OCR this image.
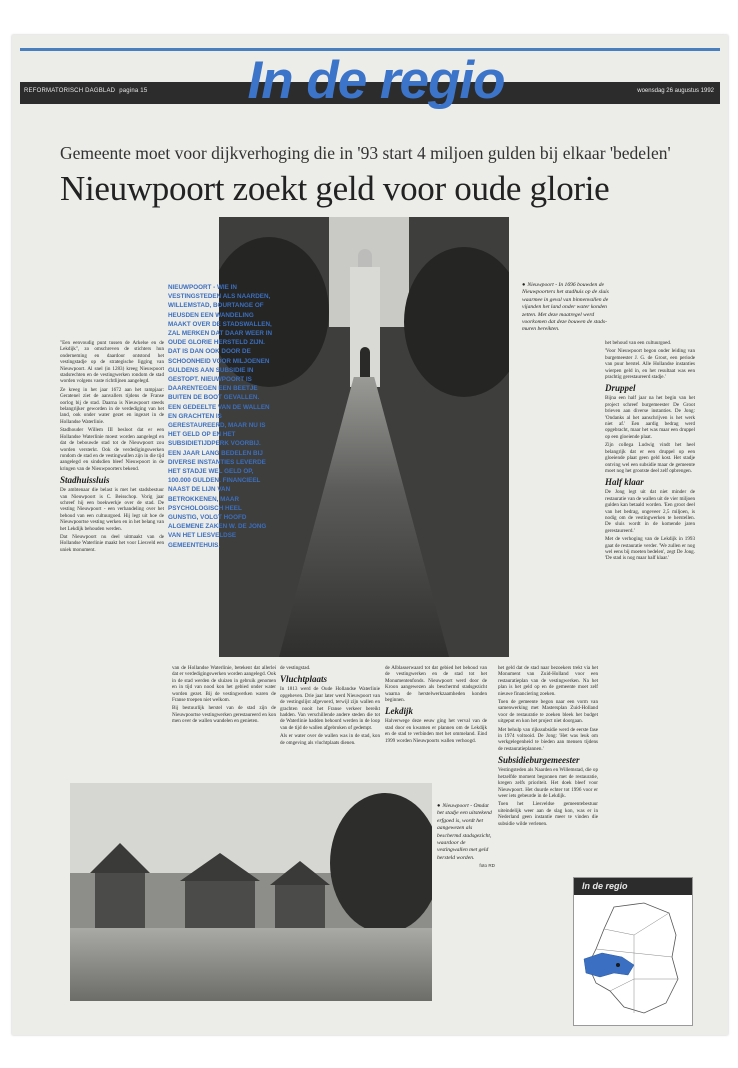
REFORMATORISCH DAGBLAD pagina 15	woensdag 26 augustus 1992
In de regio
Gemeente moet voor dijkverhoging die in '93 start 4 miljoen gulden bij elkaar 'bedelen'
Nieuwpoort zoekt geld voor oude glorie
NIEUWPOORT - WIE IN VESTINGSTEDEN ALS NAARDEN, WILLEMSTAD, BOURTANGE OF HEUSDEN EEN WANDELING MAAKT OVER DE STADSWALLEN, ZAL MERKEN DAT DAAR WEER IN OUDE GLORIE HERSTELD ZIJN. DAT IS DAN OOK DOOR DE SCHOONHEID VOOR MILJOENEN GULDENS AAN SUBSIDIE IN GESTOPT. NIEUWPOORT IS DAARENTEGEN EEN BEETJE BUITEN DE BOOT GEVALLEN. EEN GEDEELTE VAN DE WALLEN EN GRACHTEN IS GERESTAUREERD, MAAR NU IS HET GELD OP EN HET SUBSIDIETIJDPERK VOORBIJ. EEN JAAR LANG BEDELEN BIJ DIVERSE INSTANTIES LEVERDE HET STADJE WEL GELD OP, 100.000 GULDEN. FINANCIEEL NAAST DE LIJN VAN BETROKKENEN, MAAR PSYCHOLOGISCH HEEL GUNSTIG, VOLGT HOOFD ALGEMENE ZAKEN W. DE JONG VAN HET LIESVELDSE GEMEENTEHUIS.
● Nieuwpoort - In 1696 bouwden de Nieuwpoorters het stadhuis op de sluis waarmee in geval van binnenvallen de vijanden het land onder water konden zetten. Met deze maatregel werd voorkomen dat deze bouwen de stads- muren bereikten.

"Een eenvoudig punt tussen de Arkelse en de Lekdijk", zo omschreven de stichters hun onderneming en daardoor ontstond het vestingstadje op de strategische ligging van Nieuwpoort. Al snel (in 1283) kreeg Nieuwpoort stadsrechten en de vestingwerken rondom de stad worden volgens vaste richtlijnen aangelegd.

Ze kreeg in het jaar 1672 aan het rampjaar: Geratenel ziet de aanvallers tijdens de Franse oorlog bij de stad. Daarna is Nieuwpoort steeds belangrijker geworden in de verdediging van het land, ook onder water gezet en ingezet in de Hollandse Waterlinie.

Stadhouder Willem III besloot dat er een Hollandse Waterlinie moest worden aangelegd en dat de bebouwde stad tot de Nieuwpoort zou worden versterkt. Ook de verdedigingswerken rondom de stad en de vestingwallen zijn in die tijd aangelegd en sindsdien bleef Nieuwpoort in de kringen van de Nieuwpoorters bekend.

Stadhuissluis

De ambtenaar die belast is met het stadsbestuur van Nieuwpoort is C. Beisschop. Vorig jaar schreef hij een boekwerkje over de stad. De vesting Nieuwpoort - een verhandeling over het behoud van een cultuurgoed. Hij legt uit hoe de Nieuwpoortse vesting werken en in het belang van het Lekdijk behouden werden.

Dat Nieuwpoort nu deel uitmaakt van de Hollandse Waterlinie maakt het voor Liesveld een uniek monument.

van de Hollandse Waterlinie, betekent dat allerlei dat er verdedigingswerken worden aangelegd. Ook in de stad werden de sluizen in gebruik genomen en in tijd van nood kon het gebied onder water worden gezet. Bij de vestingwerken waren de Franse troepen niet welkom.

Bij bestuurlijk herstel van de stad zijn de Nieuwpoortse vestingwerken gerestaureerd en kon men over de wallen wandelen en genieten.

de vestingstad.

Vluchtplaats

In 1813 werd de Oude Hollandse Waterlinie opgeheven. Drie jaar later werd Nieuwpoort van de vestingslijst afgevoerd, terwijl zijn wallen en grachten nooit het Franse verkeer bereikt hadden. Van verschillende andere steden die tot de Waterlinie hadden behoord werden in de loop van de tijd de wallen afgebroken of gedempt.

Als er water over de wallen was in de stad, kon de omgeving als vluchtplaats dienen.

de Alblasserwaard tot dat gebied het behoud van de vestingwerken en de stad tot het Monumentenfonds. Nieuwpoort werd door de Kroon aangewezen als beschermd stadsgezicht waarna de herstelwerkzaamheden konden beginnen.

Lekdijk

Halverwege deze eeuw ging het verval van de stad door en kwamen er plannen om de Lekdijk en de stad te verbinden met het ommeland. Eind 1999 worden Nieuwpoorts wallen verhoogd.

● Nieuwpoort - Omdat het stadje een uitstekend erfgoed is, wordt het aangewezen als beschermd stadsgezicht, waardoor de vestingwallen met geld hersteld worden.
foto RD

het geld dat de stad naar bezoekers trekt via het Monument van Zuid-Holland voor een restauratieplan van de vestingwerken. Na het plan is het geld op en de gemeente moet zelf nieuwe financiering zoeken.

Toen de gemeente begon naar een vorm van samenwerking met Mastersplan Zuid-Holland voor de restauratie te zoeken bleek het budget uitgeput en kon het project niet doorgaan.

Met behulp van rijkssubsidie werd de eerste fase in 1974 voltooid. De Jong: 'Het was leuk om werkgelegenheid te bieden aan mensen tijdens de restauratieplannen.'

Subsidieburgemeester

Vestingsteden als Naarden en Willemstad, die op hetzelfde moment begonnen met de restauratie, kregen zelfs prioriteit. Het doek bleef voor Nieuwpoort. Het duurde echter tot 1996 voor er weer iets gebeurde in de Lekdijk.

Toen het Liesveldse gemeentebestuur uiteindelijk weer aan de slag kon, was er in Nederland geen instantie meer te vinden die subsidie wilde verlenen.

het behoud van een cultuurgoed.

'Voor Nieuwpoort begon onder leiding van burgemeester J. G. de Groot, een periode van puur herstel. Alle Hollandse instanties wierpen geld in, en het resultaat was een prachtig gerestaureerd stadje.'

Druppel

Bijna een half jaar na het begin van het project schreef burgemeester De Groot brieven aan diverse instanties. De Jong: 'Ondanks al het aanschrijven is het werk niet af.' Een aardig bedrag werd opgebracht, maar het was maar een druppel op een gloeiende plaat.

Zijn collega Ludwig vindt het heel belangrijk dat er een druppel op een gloeiende plaat geen geld kost. Het stadje ontving wel een subsidie maar de gemeente moet nog het grootste deel zelf opbrengen.

Half klaar

De Jong legt uit dat niet minder de restauratie van de wallen uit de vier miljoen gulden kan betaald worden. 'Een groot deel van het bedrag, ongeveer 2,5 miljoen, is nodig om de vestingwerken te herstellen. De sluis wordt in de komende jaren gerestaureerd.'

Met de verhoging van de Lekdijk in 1993 gaat de restauratie verder. 'We zullen er nog wel eens bij moeten bedelen', zegt De Jong. 'De stad is nog maar half klaar.'

In de regio
